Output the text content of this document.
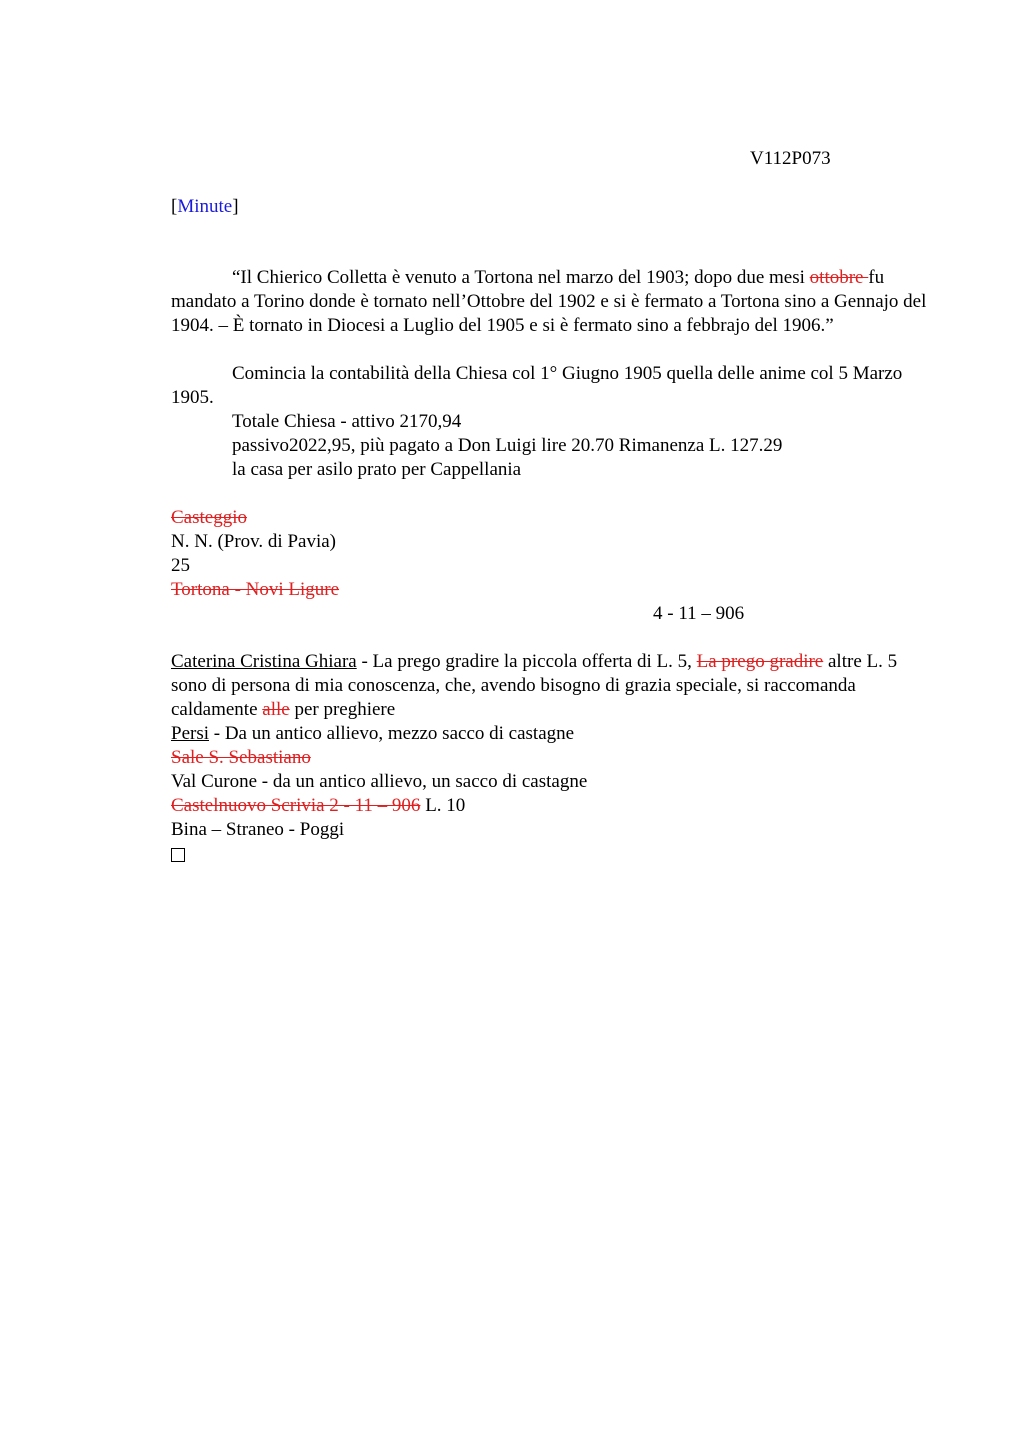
V112P073
[Minute]

“Il Chierico Colletta è venuto a Tortona nel marzo del 1903; dopo due mesi ottobre fu mandato a Torino donde è tornato nell’Ottobre del 1902 e si è fermato a Tortona sino a Gennajo del 1904. – È tornato in Diocesi a Luglio del 1905 e si è fermato sino a febbrajo del 1906.”

Comincia la contabilità della Chiesa col 1° Giugno 1905 quella delle anime col 5 Marzo 1905.

Totale Chiesa - attivo 2170,94

passivo2022,95, più pagato a Don Luigi lire 20.70 Rimanenza L. 127.29

la casa per asilo prato per Cappellania

Casteggio

N. N. (Prov. di Pavia)

25

Tortona - Novi Ligure

4 - 11 – 906

Caterina Cristina Ghiara - La prego gradire la piccola offerta di L. 5, La prego gradire altre L. 5 sono di persona di mia conoscenza, che, avendo bisogno di grazia speciale, si raccomanda caldamente alle per preghiere

Persi - Da un antico allievo, mezzo sacco di castagne

Sale S. Sebastiano

Val Curone - da un antico allievo, un sacco di castagne

Castelnuovo Scrivia 2 - 11 – 906 L. 10

Bina – Straneo - Poggi
